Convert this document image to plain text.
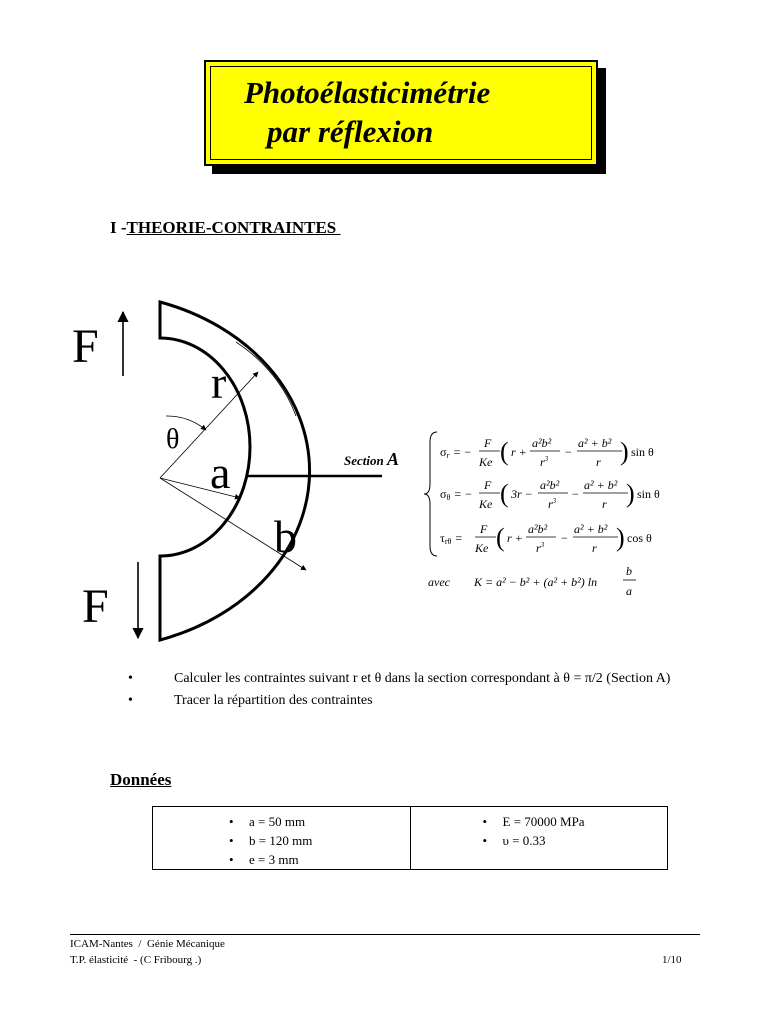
Photoélasticimétrie
par réflexion
I -THEORIE-CONTRAINTES
F
F
r
θ
a
b
Section A	σr = −
F
Ke ( r +
a²b²
$r^3$ −
a² + b²
r ) sin θ
σθ = −
F
Ke ( 3r −
a²b²
$r^3$ −
a² + b²
r ) sin θ
τrθ =
F
Ke ( r +
a²b²
$r^3$ −
a² + b²
r ) cos θ
avec K = a² − b² + (a² + b²) ln
b
a
•	Calculer les contraintes suivant r et θ dans la section correspondant à θ = π/2 (Section A)
•	Tracer la répartition des contraintes
Données
• a = 50 mm
• b = 120 mm
• e = 3 mm

• E = 70000 MPa
• υ = 0.33
ICAM-Nantes  /  Génie Mécanique
T.P. élasticité  - (C Fribourg .)	1/10
